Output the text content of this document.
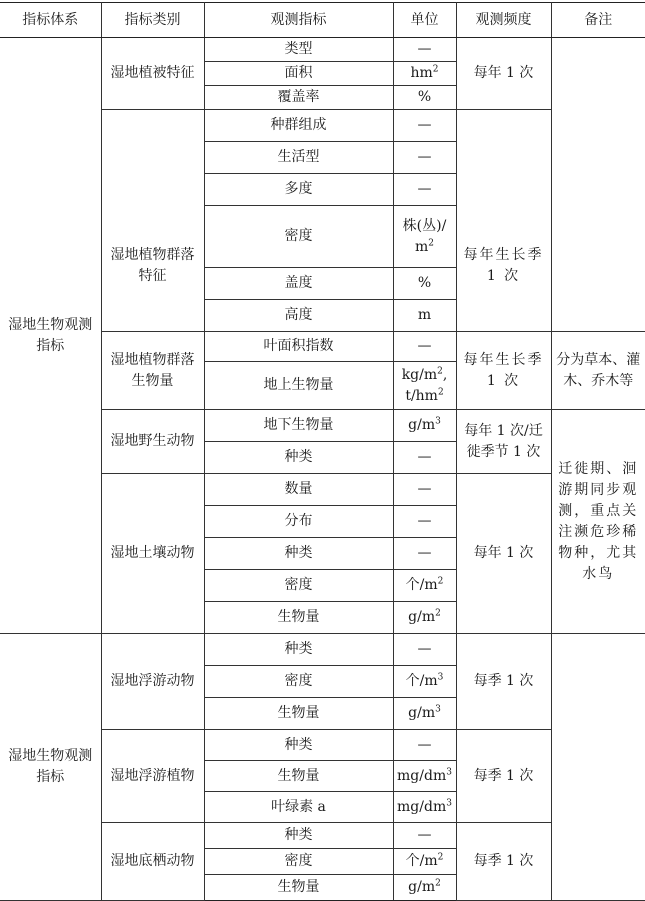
指标体系	指标类别	观测指标	单位	观测频度	备注
湿地生物观测指标	湿地植被特征	类型	—	每年 1 次	
		面积	$hm^2$
		覆盖率	%		
	湿地植物群落特征	种群组成	—	每年生长季 1 次	
		生活型	—		
		多度	—		
		密度	株(丛)/
$m^2$
		盖度	%		
		高度	m		
	湿地植物群落生物量	叶面积指数	—	每年生长季 1 次	分为草本、灌木、乔木等
		地上生物量	$kg/m^2$,
$t/hm^2$
	湿地野生动物	地下生物量	$g/m^3$	每年 1 次/迁徙季节 1 次	迁徙期、洄游期同步观测，重点关注濒危珍稀物种，尤其水鸟
		种类	—		
	湿地土壤动物	数量	—	每年 1 次	
		分布	—		
		种类	—		
		密度	个$/m^2$
		生物量	$g/m^2$
湿地生物观测指标	湿地浮游动物	种类	—	每季 1 次	
		密度	个$/m^3$
		生物量	$g/m^3$
	湿地浮游植物	种类	—	每季 1 次	
		生物量	$mg/dm^3$
		叶绿素 a	$mg/dm^3$
	湿地底栖动物	种类	—	每季 1 次	
		密度	个$/m^2$
		生物量	$g/m^2$
